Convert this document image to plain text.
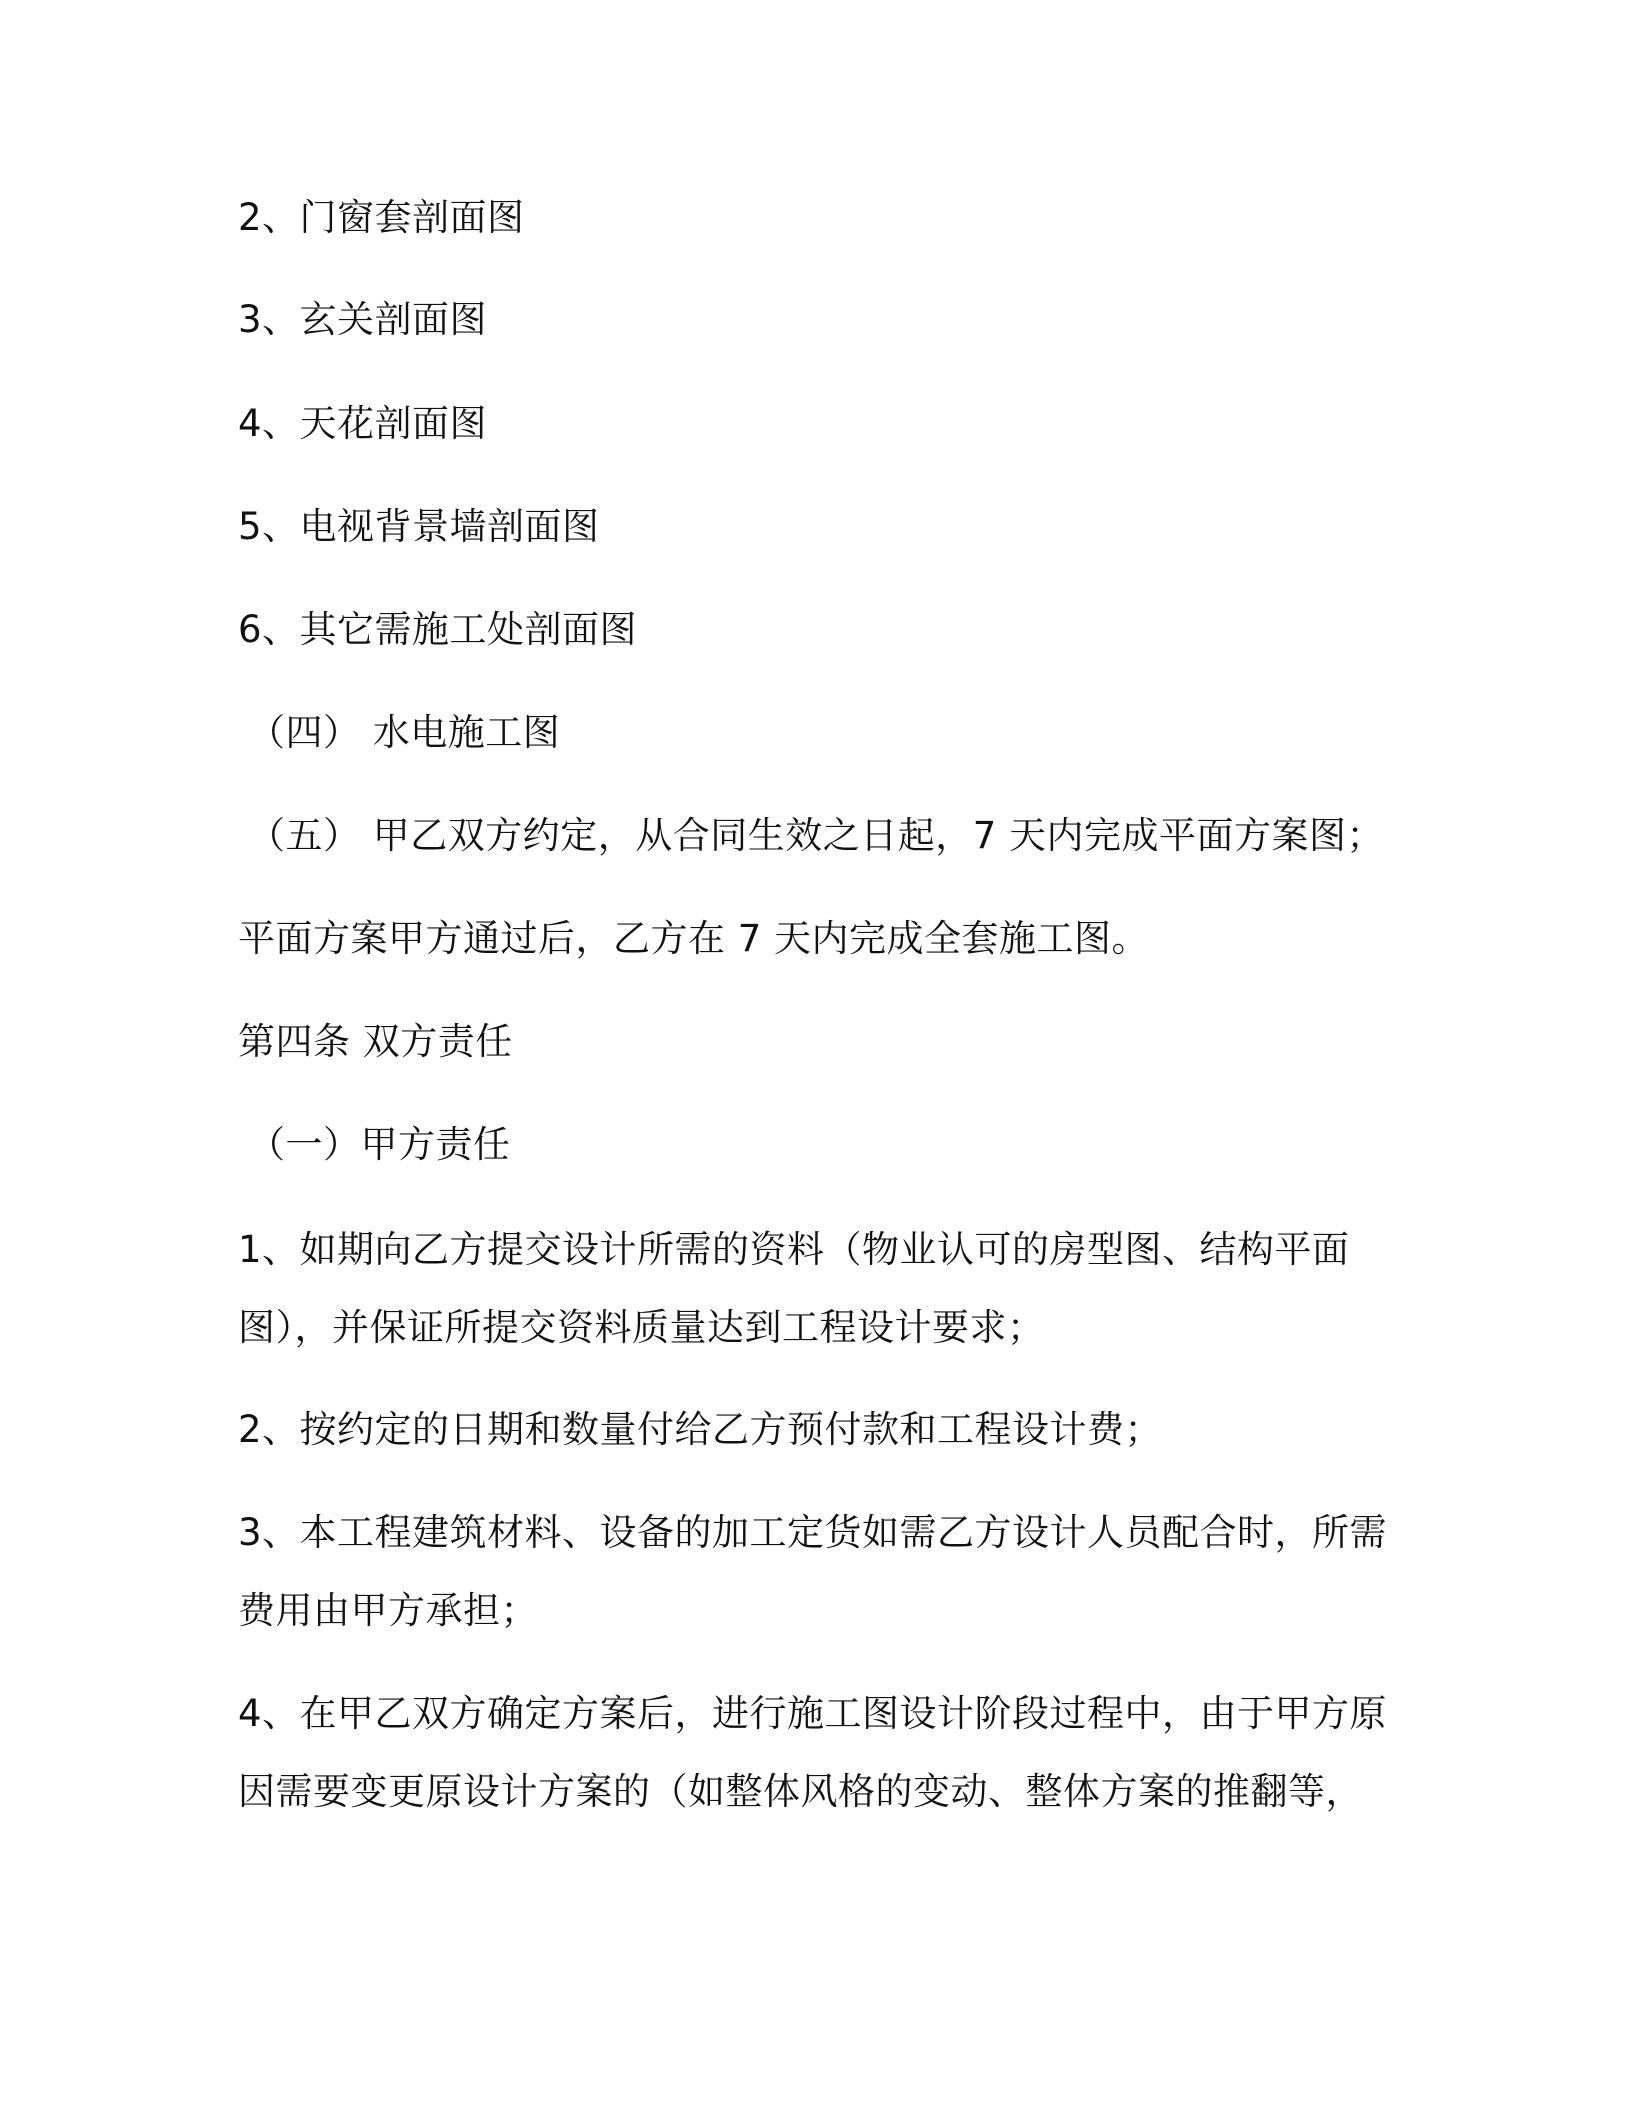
2、门窗套剖面图
3、玄关剖面图
4、天花剖面图
5、电视背景墙剖面图
6、其它需施工处剖面图
（四） 水电施工图
（五） 甲乙双方约定，从合同生效之日起，7 天内完成平面方案图；
平面方案甲方通过后，乙方在 7 天内完成全套施工图。
第四条 双方责任
（一）甲方责任
1、如期向乙方提交设计所需的资料（物业认可的房型图、结构平面
图），并保证所提交资料质量达到工程设计要求；
2、按约定的日期和数量付给乙方预付款和工程设计费；
3、本工程建筑材料、设备的加工定货如需乙方设计人员配合时，所需
费用由甲方承担；
4、在甲乙双方确定方案后，进行施工图设计阶段过程中，由于甲方原
因需要变更原设计方案的（如整体风格的变动、整体方案的推翻等，
